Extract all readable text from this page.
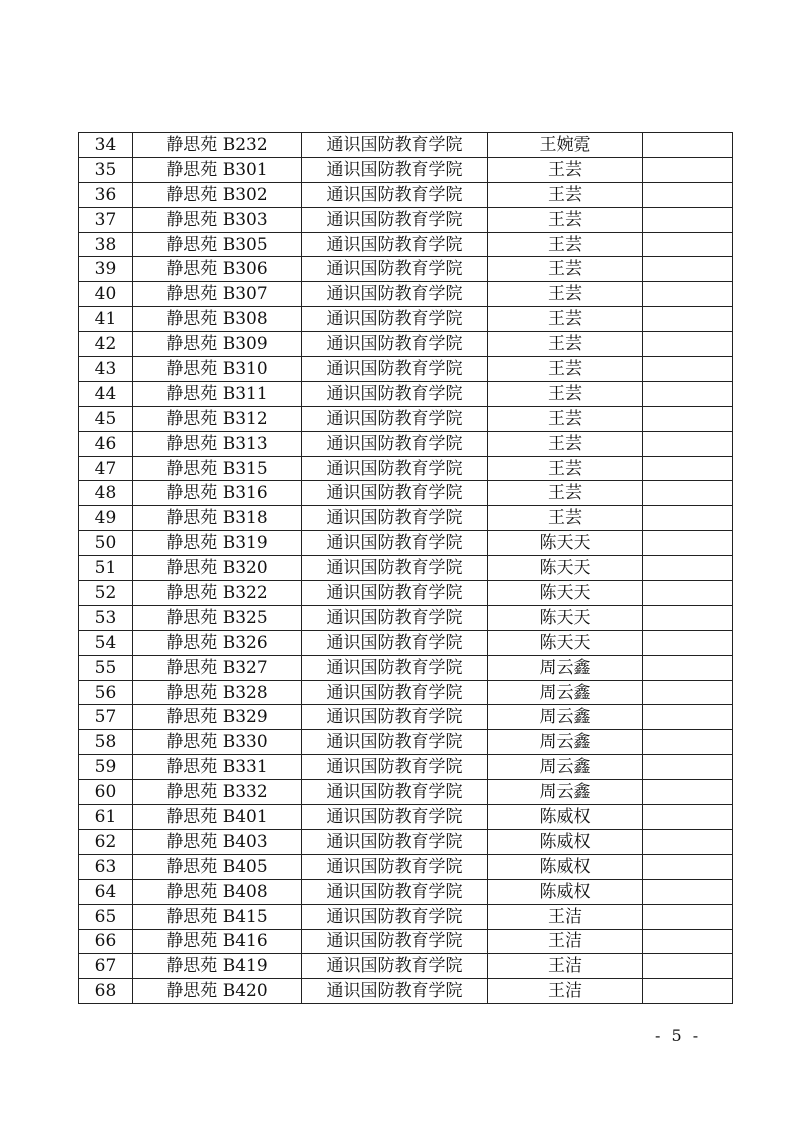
34	静思苑 B232	通识国防教育学院	王婉霓	
35	静思苑 B301	通识国防教育学院	王芸	
36	静思苑 B302	通识国防教育学院	王芸	
37	静思苑 B303	通识国防教育学院	王芸	
38	静思苑 B305	通识国防教育学院	王芸	
39	静思苑 B306	通识国防教育学院	王芸	
40	静思苑 B307	通识国防教育学院	王芸	
41	静思苑 B308	通识国防教育学院	王芸	
42	静思苑 B309	通识国防教育学院	王芸	
43	静思苑 B310	通识国防教育学院	王芸	
44	静思苑 B311	通识国防教育学院	王芸	
45	静思苑 B312	通识国防教育学院	王芸	
46	静思苑 B313	通识国防教育学院	王芸	
47	静思苑 B315	通识国防教育学院	王芸	
48	静思苑 B316	通识国防教育学院	王芸	
49	静思苑 B318	通识国防教育学院	王芸	
50	静思苑 B319	通识国防教育学院	陈天天	
51	静思苑 B320	通识国防教育学院	陈天天	
52	静思苑 B322	通识国防教育学院	陈天天	
53	静思苑 B325	通识国防教育学院	陈天天	
54	静思苑 B326	通识国防教育学院	陈天天	
55	静思苑 B327	通识国防教育学院	周云鑫	
56	静思苑 B328	通识国防教育学院	周云鑫	
57	静思苑 B329	通识国防教育学院	周云鑫	
58	静思苑 B330	通识国防教育学院	周云鑫	
59	静思苑 B331	通识国防教育学院	周云鑫	
60	静思苑 B332	通识国防教育学院	周云鑫	
61	静思苑 B401	通识国防教育学院	陈威权	
62	静思苑 B403	通识国防教育学院	陈威权	
63	静思苑 B405	通识国防教育学院	陈威权	
64	静思苑 B408	通识国防教育学院	陈威权	
65	静思苑 B415	通识国防教育学院	王洁	
66	静思苑 B416	通识国防教育学院	王洁	
67	静思苑 B419	通识国防教育学院	王洁	
68	静思苑 B420	通识国防教育学院	王洁	
- 5 -
